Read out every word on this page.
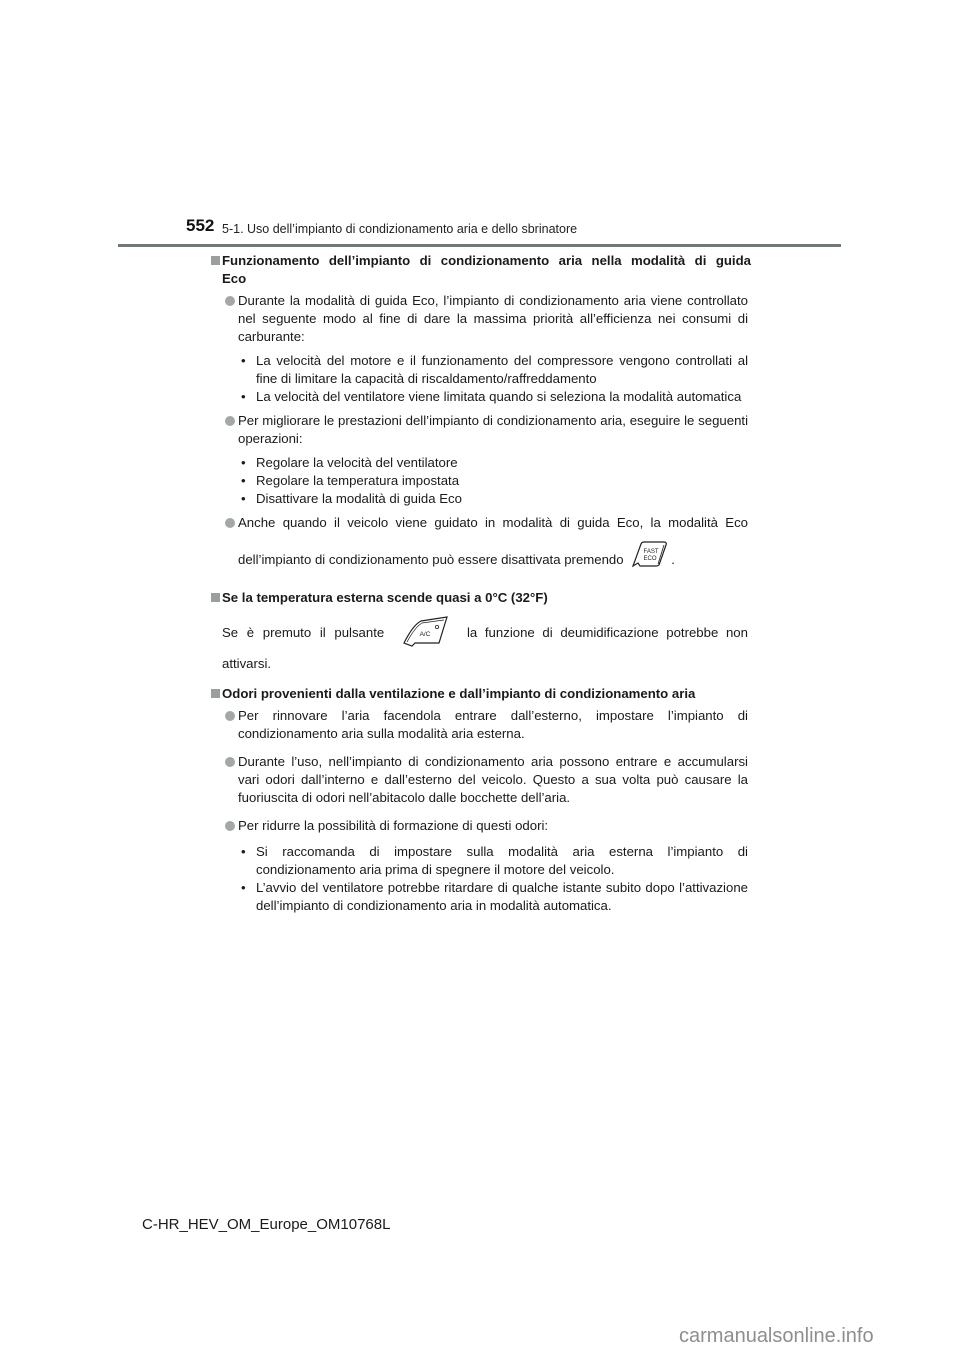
552 5-1. Uso dell’impianto di condizionamento aria e dello sbrinatore
Funzionamento dell’impianto di condizionamento aria nella modalità di guida Eco
Durante la modalità di guida Eco, l’impianto di condizionamento aria viene controllato nel seguente modo al fine di dare la massima priorità all’efficienza nei consumi di carburante:
• La velocità del motore e il funzionamento del compressore vengono controllati al fine di limitare la capacità di riscaldamento/raffreddamento
• La velocità del ventilatore viene limitata quando si seleziona la modalità automatica
Per migliorare le prestazioni dell’impianto di condizionamento aria, eseguire le seguenti operazioni:
• Regolare la velocità del ventilatore
• Regolare la temperatura impostata
• Disattivare la modalità di guida Eco
Anche quando il veicolo viene guidato in modalità di guida Eco, la modalità Eco
dell’impianto di condizionamento può essere disattivata premendo	FAST
ECO .
Se la temperatura esterna scende quasi a 0°C (32°F)
Se è premuto il pulsante	A/C	la funzione di deumidificazione potrebbe non
attivarsi.
Odori provenienti dalla ventilazione e dall’impianto di condizionamento aria
Per rinnovare l’aria facendola entrare dall’esterno, impostare l’impianto di condizionamento aria sulla modalità aria esterna.
Durante l’uso, nell’impianto di condizionamento aria possono entrare e accumularsi vari odori dall’interno e dall’esterno del veicolo. Questo a sua volta può causare la fuoriuscita di odori nell’abitacolo dalle bocchette dell’aria.
Per ridurre la possibilità di formazione di questi odori:
• Si raccomanda di impostare sulla modalità aria esterna l’impianto di condizionamento aria prima di spegnere il motore del veicolo.
• L’avvio del ventilatore potrebbe ritardare di qualche istante subito dopo l’attivazione dell’impianto di condizionamento aria in modalità automatica.
C-HR_HEV_OM_Europe_OM10768L
carmanualsonline.info
